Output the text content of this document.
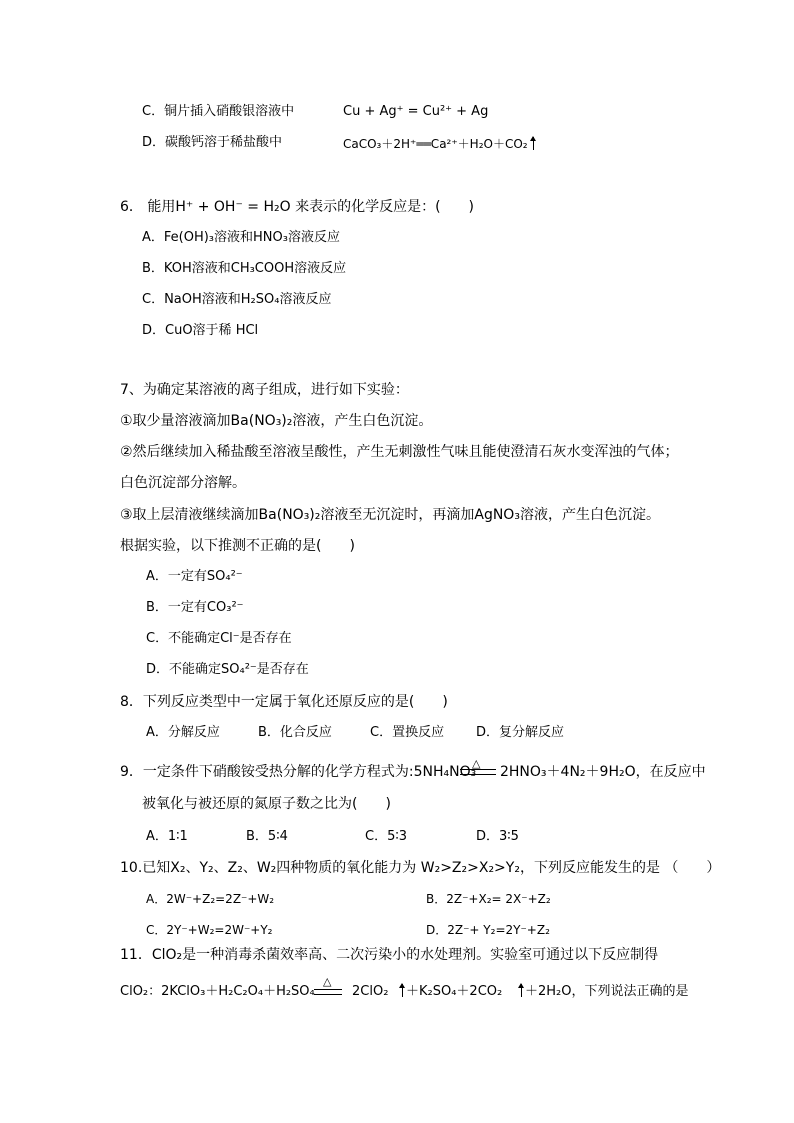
C．铜片插入硝酸银溶液中	Cu + Ag⁺ = Cu²⁺ + Ag
D．碳酸钙溶于稀盐酸中	CaCO₃＋2H⁺══Ca²⁺＋H₂O＋CO₂
6． 能用H⁺ + OH⁻ = H₂O 来表示的化学反应是：(　　)
A．Fe(OH)₃溶液和HNO₃溶液反应
B．KOH溶液和CH₃COOH溶液反应
C．NaOH溶液和H₂SO₄溶液反应
D．CuO溶于稀 HCl
7、为确定某溶液的离子组成，进行如下实验：
①取少量溶液滴加Ba(NO₃)₂溶液，产生白色沉淀。
②然后继续加入稀盐酸至溶液呈酸性，产生无刺激性气味且能使澄清石灰水变浑浊的气体；
白色沉淀部分溶解。
③取上层清液继续滴加Ba(NO₃)₂溶液至无沉淀时，再滴加AgNO₃溶液，产生白色沉淀。
根据实验，以下推测不正确的是(　　)
A．一定有SO₄²⁻
B．一定有CO₃²⁻
C．不能确定Cl⁻是否存在
D．不能确定SO₄²⁻是否存在
8．下列反应类型中一定属于氧化还原反应的是(　　)
A．分解反应	B．化合反应	C．置换反应 D．复分解反应
9．一定条件下硝酸铵受热分解的化学方程式为:5NH₄NO₃
△
2HNO₃＋4N₂＋9H₂O，在反应中
被氧化与被还原的氮原子数之比为(　　)
A．1∶1	B．5∶4	C．5∶3	D．3∶5
10.已知X₂、Y₂、Z₂、W₂四种物质的氧化能力为 W₂>Z₂>X₂>Y₂，下列反应能发生的是 （　　）
A．2W⁻+Z₂=2Z⁻+W₂	B．2Z⁻+X₂= 2X⁻+Z₂
C．2Y⁻+W₂=2W⁻+Y₂	D．2Z⁻+ Y₂=2Y⁻+Z₂
11．ClO₂是一种消毒杀菌效率高、二次污染小的水处理剂。实验室可通过以下反应制得
ClO₂：2KClO₃＋H₂C₂O₄＋H₂SO₄
△
2ClO₂ ＋K₂SO₄＋2CO₂ ＋2H₂O，下列说法正确的是
